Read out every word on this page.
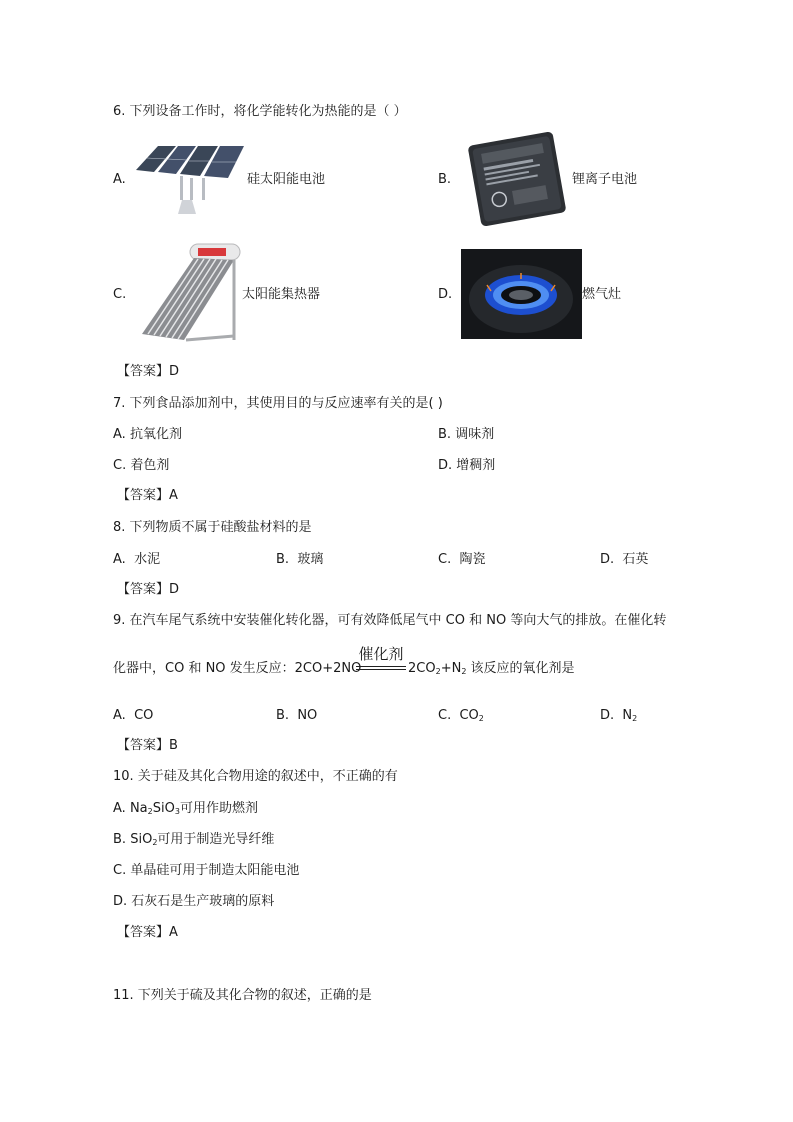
6. 下列设备工作时，将化学能转化为热能的是（ ）
A.	硅太阳能电池	B.	锂离子电池
C.	太阳能集热器	D.	燃气灶
【答案】D
7. 下列食品添加剂中，其使用目的与反应速率有关的是( )
A. 抗氧化剂	B. 调味剂
C. 着色剂	D. 增稠剂
【答案】A
8. 下列物质不属于硅酸盐材料的是
A. 水泥	B. 玻璃	C. 陶瓷	D. 石英
【答案】D
9. 在汽车尾气系统中安装催化转化器，可有效降低尾气中 CO 和 NO 等向大气的排放。在催化转
化器中，CO 和 NO 发生反应：2CO+2NO
催化剂
$2CO_2+N_2$ 该反应的氧化剂是
A. CO	B. NO	C. $CO_2$	D. $N_2$
【答案】B
10. 关于硅及其化合物用途的叙述中，不正确的有
A. $Na_2SiO_3$可用作助燃剂
B. SiO$_2$可用于制造光导纤维
C. 单晶硅可用于制造太阳能电池
D. 石灰石是生产玻璃的原料
【答案】A
11. 下列关于硫及其化合物的叙述，正确的是
